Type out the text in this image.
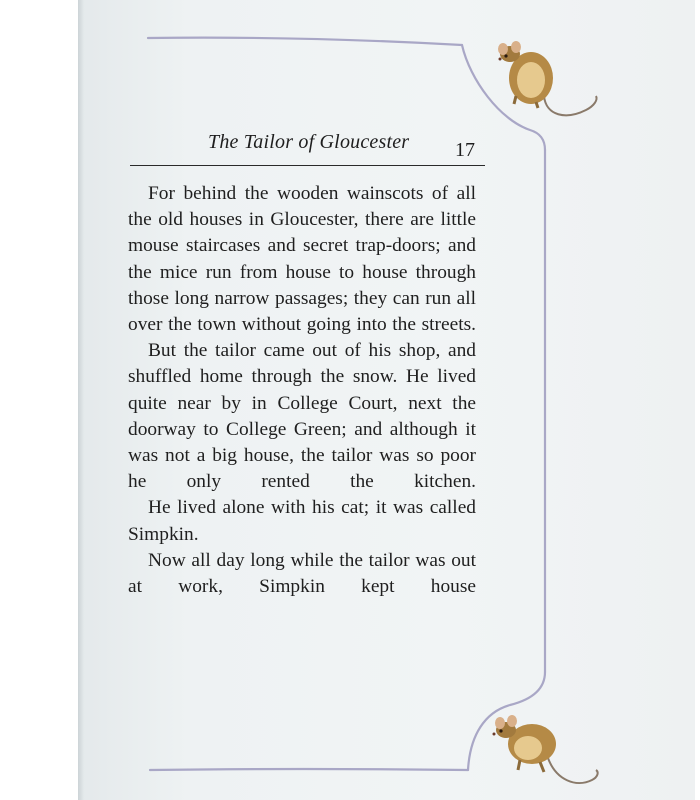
The Tailor of Gloucester 17

For behind the wooden wainscots of all the old houses in Gloucester, there are little mouse staircases and secret trap-doors; and the mice run from house to house through those long narrow passages; they can run all over the town without going into the streets.

But the tailor came out of his shop, and shuffled home through the snow. He lived quite near by in College Court, next the doorway to College Green; and although it was not a big house, the tailor was so poor he only rented the kitchen.

He lived alone with his cat; it was called Simpkin.

Now all day long while the tailor was out at work, Simpkin kept house
